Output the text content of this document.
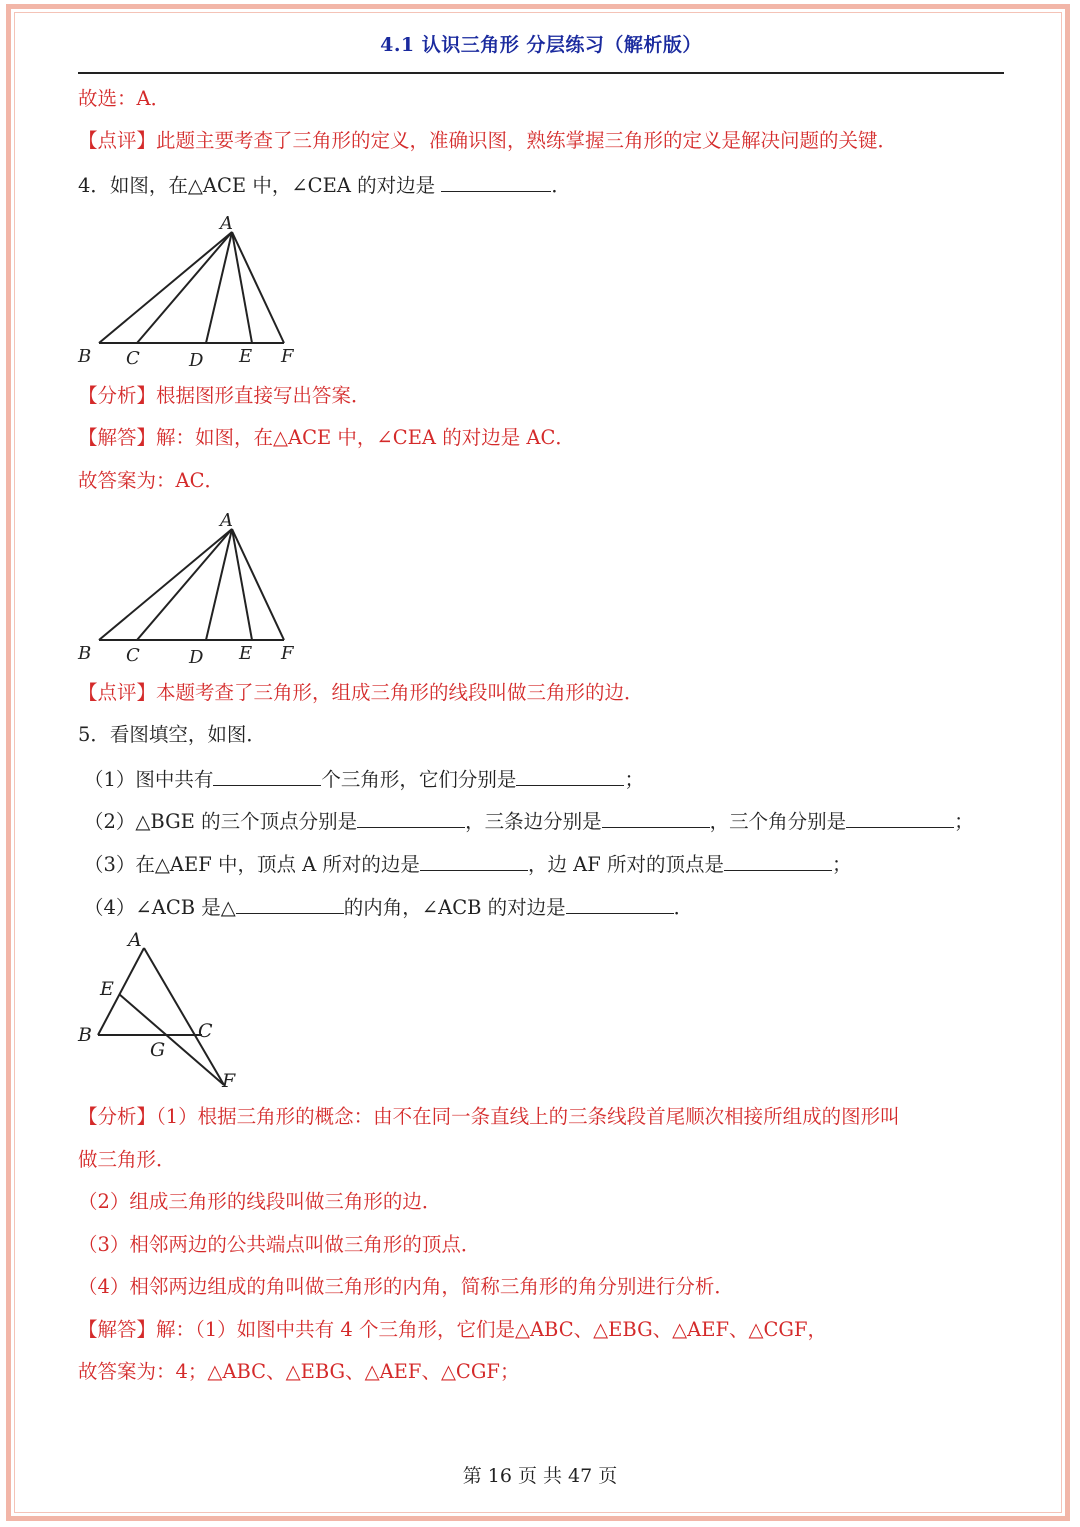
4.1 认识三角形 分层练习（解析版）
故选：A．
【点评】此题主要考查了三角形的定义，准确识图，熟练掌握三角形的定义是解决问题的关键．
4．如图，在△ACE 中，∠CEA 的对边是	．
A
B C	D E F
【分析】根据图形直接写出答案．
【解答】解：如图，在△ACE 中，∠CEA 的对边是 AC．
故答案为：AC．
A
B C	D E F
【点评】本题考查了三角形，组成三角形的线段叫做三角形的边．
5．看图填空，如图．
（1）图中共有	个三角形，它们分别是	；
（2）△BGE 的三个顶点分别是	，三条边分别是	，三个角分别是	；
（3）在△AEF 中，顶点 A 所对的边是	，边 AF 所对的顶点是	；
（4）∠ACB 是△	的内角，∠ACB 的对边是	．
A
E
B	C
G
F
【分析】（1）根据三角形的概念：由不在同一条直线上的三条线段首尾顺次相接所组成的图形叫
做三角形．
（2）组成三角形的线段叫做三角形的边．
（3）相邻两边的公共端点叫做三角形的顶点．
（4）相邻两边组成的角叫做三角形的内角，简称三角形的角分别进行分析．
【解答】解：（1）如图中共有 4 个三角形，它们是△ABC、△EBG、△AEF、△CGF，
故答案为：4；△ABC、△EBG、△AEF、△CGF；
第 16 页 共 47 页
